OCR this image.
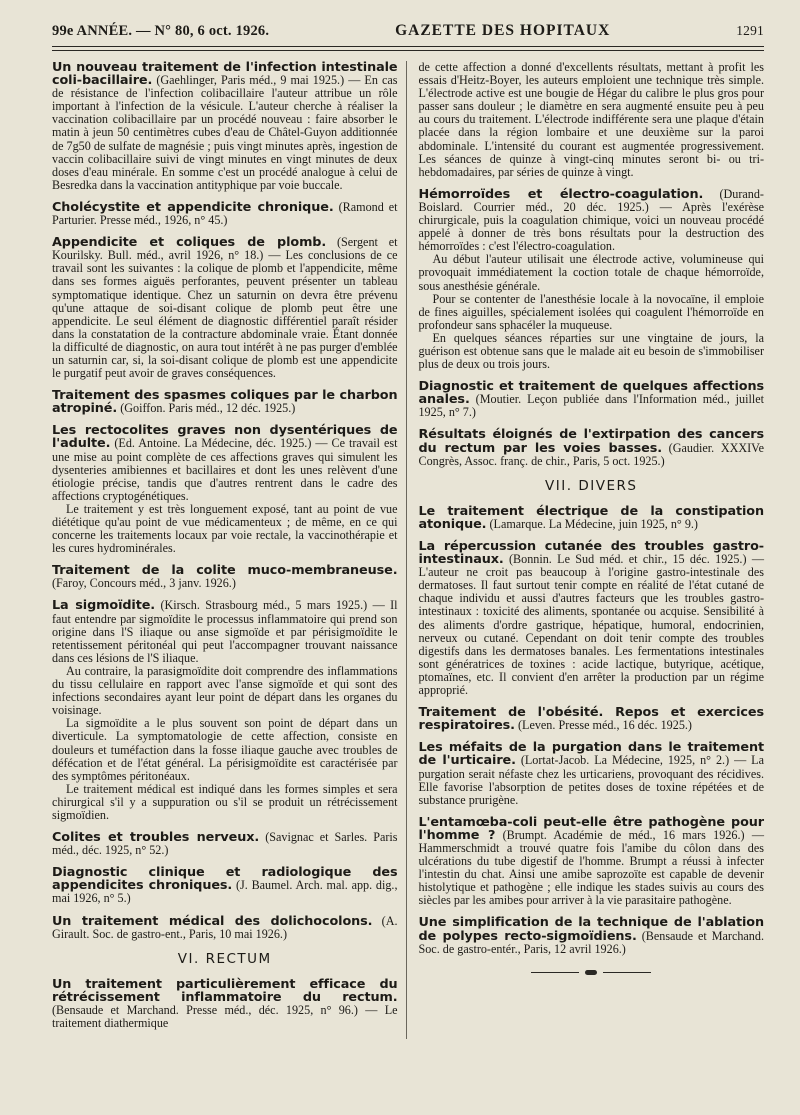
99e ANNÉE. — N° 80, 6 oct. 1926.	GAZETTE DES HOPITAUX	1291
Un nouveau traitement de l'infection intestinale coli-bacillaire. (Gaehlinger, Paris méd., 9 mai 1925.) — En cas de résistance de l'infection colibacillaire l'auteur attribue un rôle important à l'infection de la vésicule. L'auteur cherche à réaliser la vaccination colibacillaire par un procédé nouveau : faire absorber le matin à jeun 50 centimètres cubes d'eau de Châtel-Guyon additionnée de 7g50 de sulfate de magnésie ; puis vingt minutes après, ingestion de vaccin colibacillaire suivi de vingt minutes en vingt minutes de deux doses d'eau minérale. En somme c'est un procédé analogue à celui de Besredka dans la vaccination antityphique par voie buccale.
Cholécystite et appendicite chronique. (Ramond et Parturier. Presse méd., 1926, n° 45.)
Appendicite et coliques de plomb. (Sergent et Kourilsky. Bull. méd., avril 1926, n° 18.) — Les conclusions de ce travail sont les suivantes : la colique de plomb et l'appendicite, même dans ses formes aiguës perforantes, peuvent présenter un tableau symptomatique identique. Chez un saturnin on devra être prévenu qu'une attaque de soi-disant colique de plomb peut être une appendicite. Le seul élément de diagnostic différentiel paraît résider dans la constatation de la contracture abdominale vraie. Étant donnée la difficulté de diagnostic, on aura tout intérêt à ne pas purger d'emblée un saturnin car, si, la soi-disant colique de plomb est une appendicite le purgatif peut avoir de graves conséquences.
Traitement des spasmes coliques par le charbon atropiné. (Goiffon. Paris méd., 12 déc. 1925.)
Les rectocolites graves non dysentériques de l'adulte. (Ed. Antoine. La Médecine, déc. 1925.) — Ce travail est une mise au point complète de ces affections graves qui simulent les dysenteries amibiennes et bacillaires et dont les unes relèvent d'une étiologie précise, tandis que d'autres rentrent dans le cadre des affections cryptogénétiques.
Le traitement y est très longuement exposé, tant au point de vue diététique qu'au point de vue médicamenteux ; de même, en ce qui concerne les traitements locaux par voie rectale, la vaccinothérapie et les cures hydrominérales.
Traitement de la colite muco-membraneuse. (Faroy, Concours méd., 3 janv. 1926.)
La sigmoïdite. (Kirsch. Strasbourg méd., 5 mars 1925.) — Il faut entendre par sigmoïdite le processus inflammatoire qui prend son origine dans l'S iliaque ou anse sigmoïde et par périsigmoïdite le retentissement péritonéal qui peut l'accompagner trouvant naissance dans ces lésions de l'S iliaque.
Au contraire, la parasigmoïdite doit comprendre des inflammations du tissu cellulaire en rapport avec l'anse sigmoïde et qui sont des infections secondaires ayant leur point de départ dans les organes du voisinage.
La sigmoïdite a le plus souvent son point de départ dans un diverticule. La symptomatologie de cette affection, consiste en douleurs et tuméfaction dans la fosse iliaque gauche avec troubles de défécation et de l'état général. La périsigmoïdite est caractérisée par des symptômes péritonéaux.
Le traitement médical est indiqué dans les formes simples et sera chirurgical s'il y a suppuration ou s'il se produit un rétrécissement sigmoïdien.
Colites et troubles nerveux. (Savignac et Sarles. Paris méd., déc. 1925, n° 52.)
Diagnostic clinique et radiologique des appendicites chroniques. (J. Baumel. Arch. mal. app. dig., mai 1926, n° 5.)
Un traitement médical des dolichocolons. (A. Girault. Soc. de gastro-ent., Paris, 10 mai 1926.)
VI. RECTUM
Un traitement particulièrement efficace du rétrécissement inflammatoire du rectum. (Bensaude et Marchand. Presse méd., déc. 1925, n° 96.) — Le traitement diathermique
de cette affection a donné d'excellents résultats, mettant à profit les essais d'Heitz-Boyer, les auteurs emploient une technique très simple. L'électrode active est une bougie de Hégar du calibre le plus gros pour passer sans douleur ; le diamètre en sera augmenté ensuite peu à peu au cours du traitement. L'électrode indifférente sera une plaque d'étain placée dans la région lombaire et une deuxième sur la paroi abdominale. L'intensité du courant est augmentée progressivement. Les séances de quinze à vingt-cinq minutes seront bi- ou tri-hebdomadaires, par séries de quinze à vingt.
Hémorroïdes et électro-coagulation. (Durand-Boislard. Courrier méd., 20 déc. 1925.) — Après l'exérèse chirurgicale, puis la coagulation chimique, voici un nouveau procédé appelé à donner de très bons résultats pour la destruction des hémorroïdes : c'est l'électro-coagulation.
Au début l'auteur utilisait une électrode active, volumineuse qui provoquait immédiatement la coction totale de chaque hémorroïde, sous anesthésie générale.
Pour se contenter de l'anesthésie locale à la novocaïne, il emploie de fines aiguilles, spécialement isolées qui coagulent l'hémorroïde en profondeur sans sphacéler la muqueuse.
En quelques séances réparties sur une vingtaine de jours, la guérison est obtenue sans que le malade ait eu besoin de s'immobiliser plus de deux ou trois jours.
Diagnostic et traitement de quelques affections anales. (Moutier. Leçon publiée dans l'Information méd., juillet 1925, n° 7.)
Résultats éloignés de l'extirpation des cancers du rectum par les voies basses. (Gaudier. XXXIVe Congrès, Assoc. franç. de chir., Paris, 5 oct. 1925.)
VII. DIVERS
Le traitement électrique de la constipation atonique. (Lamarque. La Médecine, juin 1925, n° 9.)
La répercussion cutanée des troubles gastro-intestinaux. (Bonnin. Le Sud méd. et chir., 15 déc. 1925.) — L'auteur ne croit pas beaucoup à l'origine gastro-intestinale des dermatoses. Il faut surtout tenir compte en réalité de l'état cutané de chaque individu et aussi d'autres facteurs que les troubles gastro-intestinaux : toxicité des aliments, spontanée ou acquise. Sensibilité à des aliments d'ordre gastrique, hépatique, humoral, endocrinien, nerveux ou cutané. Cependant on doit tenir compte des troubles digestifs dans les dermatoses banales. Les fermentations intestinales sont génératrices de toxines : acide lactique, butyrique, acétique, ptomaïnes, etc. Il convient d'en arrêter la production par un régime approprié.
Traitement de l'obésité. Repos et exercices respiratoires. (Leven. Presse méd., 16 déc. 1925.)
Les méfaits de la purgation dans le traitement de l'urticaire. (Lortat-Jacob. La Médecine, 1925, n° 2.) — La purgation serait néfaste chez les urticariens, provoquant des récidives. Elle favorise l'absorption de petites doses de toxine répétées et de substance prurigène.
L'entamœba-coli peut-elle être pathogène pour l'homme ? (Brumpt. Académie de méd., 16 mars 1926.) — Hammerschmidt a trouvé quatre fois l'amibe du côlon dans des ulcérations du tube digestif de l'homme. Brumpt a réussi à infecter l'intestin du chat. Ainsi une amibe saprozoïte est capable de devenir histolytique et pathogène ; elle indique les stades suivis au cours des siècles par les amibes pour arriver à la vie parasitaire pathogène.
Une simplification de la technique de l'ablation de polypes recto-sigmoïdiens. (Bensaude et Marchand. Soc. de gastro-entér., Paris, 12 avril 1926.)
